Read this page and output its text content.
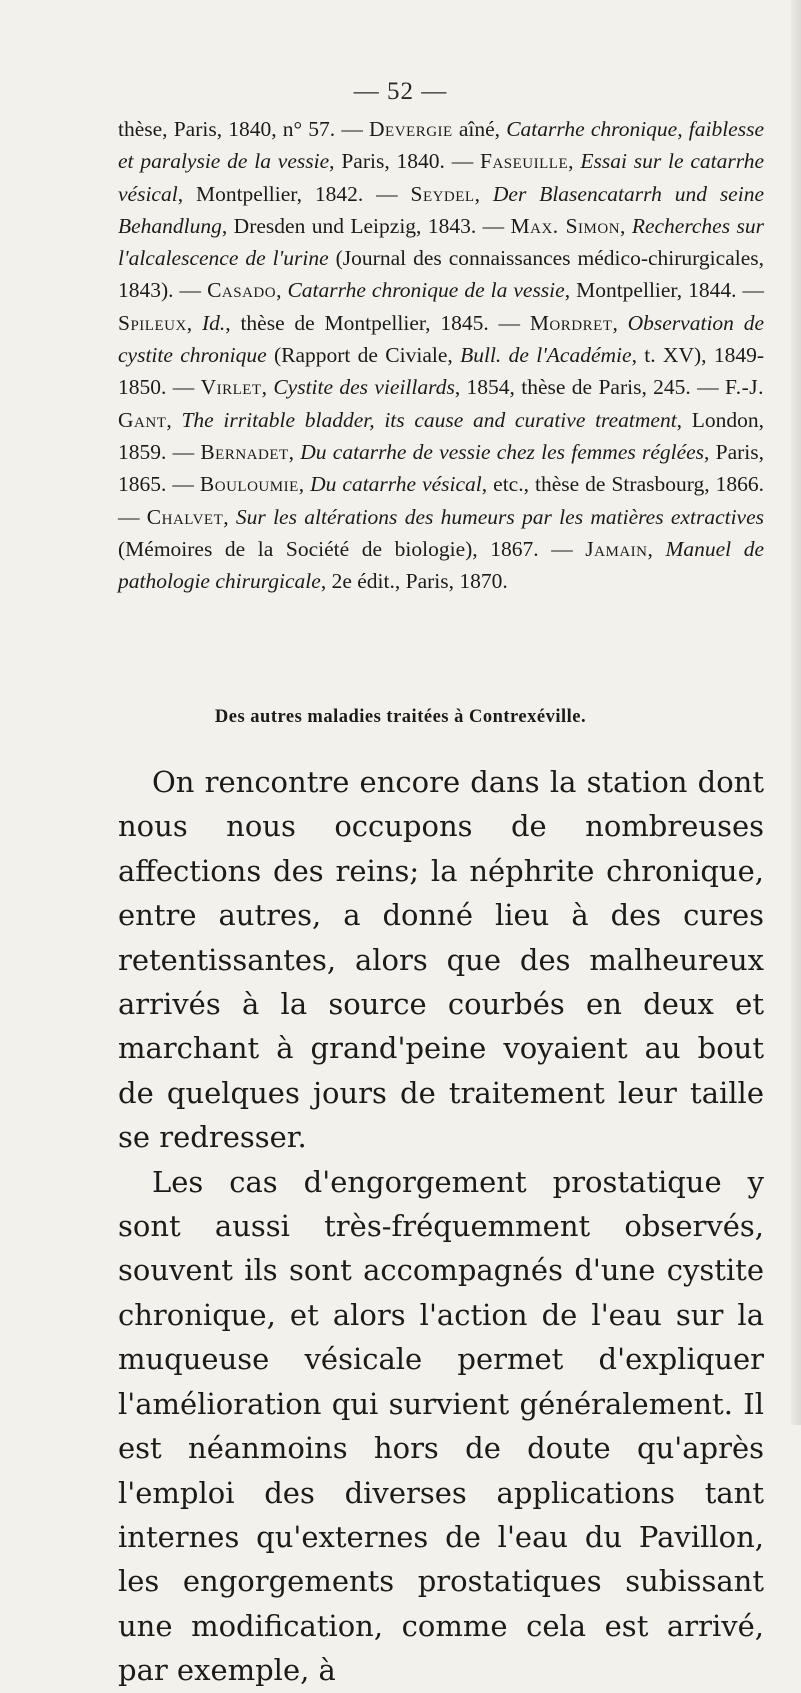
— 52 —

thèse, Paris, 1840, n° 57. — Devergie aîné, Catarrhe chronique, faiblesse et paralysie de la vessie, Paris, 1840. — Faseuille, Essai sur le catarrhe vésical, Montpellier, 1842. — Seydel, Der Blasencatarrh und seine Behandlung, Dresden und Leipzig, 1843. — Max. Simon, Recherches sur l'alcalescence de l'urine (Journal des connaissances médico-chirurgicales, 1843). — Casado, Catarrhe chronique de la vessie, Montpellier, 1844. — Spileux, Id., thèse de Montpellier, 1845. — Mordret, Observation de cystite chronique (Rapport de Civiale, Bull. de l'Académie, t. XV), 1849-1850. — Virlet, Cystite des vieillards, 1854, thèse de Paris, 245. — F.-J. Gant, The irritable bladder, its cause and curative treatment, London, 1859. — Bernadet, Du catarrhe de vessie chez les femmes réglées, Paris, 1865. — Bouloumie, Du catarrhe vésical, etc., thèse de Strasbourg, 1866. — Chalvet, Sur les altérations des humeurs par les matières extractives (Mémoires de la Société de biologie), 1867. — Jamain, Manuel de pathologie chirurgicale, 2e édit., Paris, 1870.

Des autres maladies traitées à Contrexéville.

On rencontre encore dans la station dont nous nous occupons de nombreuses affections des reins; la néphrite chronique, entre autres, a donné lieu à des cures retentissantes, alors que des malheureux arrivés à la source courbés en deux et marchant à grand'peine voyaient au bout de quelques jours de traitement leur taille se redresser.

Les cas d'engorgement prostatique y sont aussi très-fréquemment observés, souvent ils sont accompagnés d'une cystite chronique, et alors l'action de l'eau sur la muqueuse vésicale permet d'expliquer l'amélioration qui survient généralement. Il est néanmoins hors de doute qu'après l'emploi des diverses applications tant internes qu'externes de l'eau du Pavillon, les engorgements prostatiques subissant une modification, comme cela est arrivé, par exemple, à
